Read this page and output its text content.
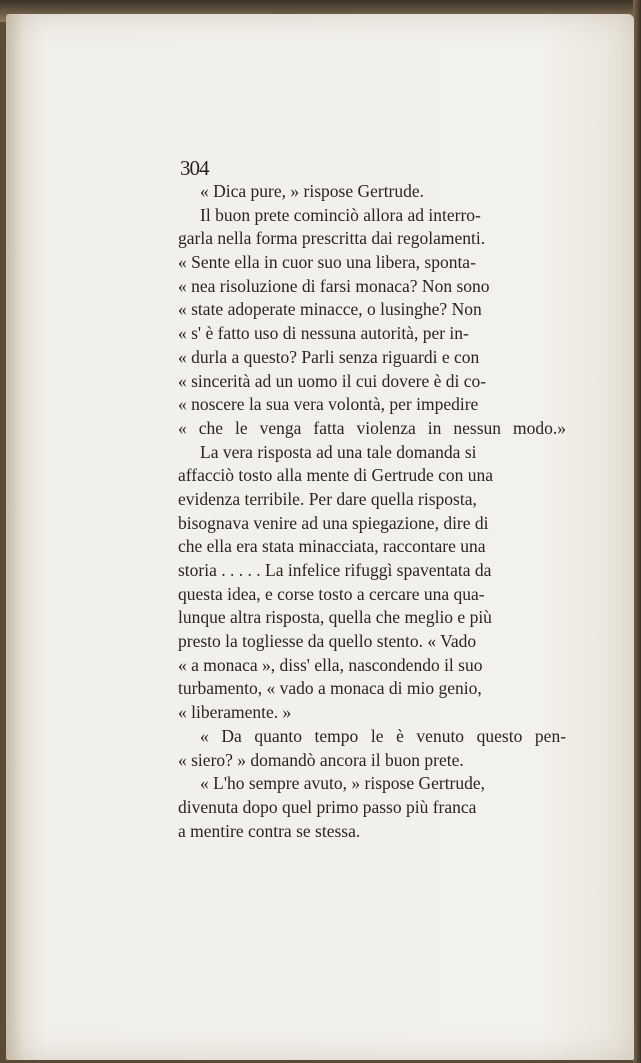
304
« Dica pure, » rispose Gertrude.
Il buon prete cominciò allora ad interro-
garla nella forma prescritta dai regolamenti.
« Sente ella in cuor suo una libera, sponta-
« nea risoluzione di farsi monaca? Non sono
« state adoperate minacce, o lusinghe? Non
« s' è fatto uso di nessuna autorità, per in-
« durla a questo? Parli senza riguardi e con
« sincerità ad un uomo il cui dovere è di co-
« noscere la sua vera volontà, per impedire
« che le venga fatta violenza in nessun modo.»
La vera risposta ad una tale domanda si
affacciò tosto alla mente di Gertrude con una
evidenza terribile. Per dare quella risposta,
bisognava venire ad una spiegazione, dire di
che ella era stata minacciata, raccontare una
storia . . . . . La infelice rifuggì spaventata da
questa idea, e corse tosto a cercare una qua-
lunque altra risposta, quella che meglio e più
presto la togliesse da quello stento. « Vado
« a monaca », diss' ella, nascondendo il suo
turbamento, « vado a monaca di mio genio,
« liberamente. »
« Da quanto tempo le è venuto questo pen-
« siero? » domandò ancora il buon prete.
« L'ho sempre avuto, » rispose Gertrude,
divenuta dopo quel primo passo più franca
a mentire contra se stessa.
